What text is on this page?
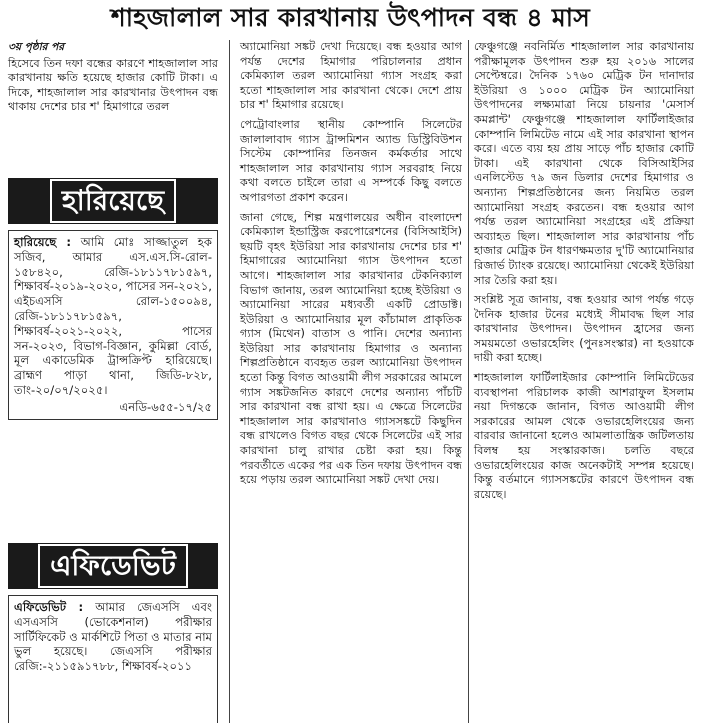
শাহজালাল সার কারখানায় উৎপাদন বন্ধ ৪ মাস
৩য় পৃষ্ঠার পর

হিসেবে তিন দফা বন্ধের কারণে শাহজালাল সার কারখানায় ক্ষতি হয়েছে হাজার কোটি টাকা। এ দিকে, শাহজালাল সার কারখানার উৎপাদন বন্ধ থাকায় দেশের চার শ' হিমাগারে তরল

হারিয়েছে
হারিয়েছে : আমি মোঃ সাজ্জাতুল হক সজিব, আমার এস.এস.সি-রোল- ১৫৮৪২০, রেজি-১৮১১৭৮১৫৯৭, শিক্ষাবর্ষ-২০১৯-২০২০, পাসের সন-২০২১, এইচএসসি রোল-১৫০০৯৪, রেজি-১৮১১৭৮১৫৯৭, শিক্ষাবর্ষ-২০২১-২০২২, পাসের সন-২০২৩, বিভাগ-বিজ্ঞান, কুমিল্লা বোর্ড, মূল একাডেমিক ট্রান্সক্রিপ্ট হারিয়েছে। ব্রাহ্মণ পাড়া থানা, জিডি-৮২৮, তাং-২০/০৭/২০২৫।
এনডি-৬৫৫-১৭/২৫
এফিডেভিট
এফিডেভিট : আমার জেএসসি এবং এসএসসি (ভোকেশনাল) পরীক্ষার সার্টিফিকেট ও মার্কশিটে পিতা ও মাতার নাম ভুল হয়েছে। জেএসসি পরীক্ষার রেজি:-২১১৫৯১৭৮৮, শিক্ষাবর্ষ-২০১১

অ্যামোনিয়া সঙ্কট দেখা দিয়েছে। বন্ধ হওয়ার আগ পর্যন্ত দেশের হিমাগার পরিচালনার প্রধান কেমিক্যাল তরল অ্যামোনিয়া গ্যাস সংগ্রহ করা হতো শাহজালাল সার কারখানা থেকে। দেশে প্রায় চার শ' হিমাগার রয়েছে।

পেট্রোবাংলার স্থানীয় কোম্পানি সিলেটের জালালাবাদ গ্যাস ট্রান্সমিশন অ্যান্ড ডিস্ট্রিবিউশন সিস্টেম কোম্পানির তিনজন কর্মকর্তার সাথে শাহজালাল সার কারখানায় গ্যাস সরবরাহ নিয়ে কথা বলতে চাইলে তারা এ সম্পর্কে কিছু বলতে অপারগতা প্রকাশ করেন।

জানা গেছে, শিল্প মন্ত্রণালয়ের অধীন বাংলাদেশ কেমিক্যাল ইন্ডাস্ট্রিজ করপোরেশনের (বিসিআইসি) ছয়টি বৃহৎ ইউরিয়া সার কারখানায় দেশের চার শ' হিমাগারের অ্যামোনিয়া গ্যাস উৎপাদন হতো আগে। শাহজালাল সার কারখানার টেকনিক্যাল বিভাগ জানায়, তরল অ্যামোনিয়া হচ্ছে ইউরিয়া ও অ্যামোনিয়া সারের মধ্যবর্তী একটি প্রোডাক্ট। ইউরিয়া ও অ্যামোনিয়ার মূল কাঁচামাল প্রাকৃতিক গ্যাস (মিথেন) বাতাস ও পানি। দেশের অন্যান্য ইউরিয়া সার কারখানায় হিমাগার ও অন্যান্য শিল্পপ্রতিষ্ঠানে ব্যবহৃত তরল অ্যামোনিয়া উৎপাদন হতো কিন্তু বিগত আওয়ামী লীগ সরকারের আমলে গ্যাস সঙ্কটজনিত কারণে দেশের অন্যান্য পাঁচটি সার কারখানা বন্ধ রাখা হয়। এ ক্ষেত্রে সিলেটের শাহজালাল সার কারখানাও গ্যাসসঙ্কটে কিছুদিন বন্ধ রাখলেও বিগত বছর থেকে সিলেটের এই সার কারখানা চালু রাখার চেষ্টা করা হয়। কিন্তু পরবর্তীতে একের পর এক তিন দফায় উৎপাদন বন্ধ হয়ে পড়ায় তরল অ্যামোনিয়া সঙ্কট দেখা দেয়।

ফেঞ্চুগঞ্জে নবনির্মিত শাহজালাল সার কারখানায় পরীক্ষামূলক উৎপাদন শুরু হয় ২০১৬ সালের সেপ্টেম্বরে। দৈনিক ১৭৬০ মেট্রিক টন দানাদার ইউরিয়া ও ১০০০ মেট্রিক টন অ্যামোনিয়া উৎপাদনের লক্ষ্যমাত্রা নিয়ে চায়নার 'মেসার্স কমপ্লান্ট' ফেঞ্চুগঞ্জে শাহজালাল ফার্টিলাইজার কোম্পানি লিমিটেড নামে এই সার কারখানা স্থাপন করে। এতে ব্যয় হয় প্রায় সাড়ে পাঁচ হাজার কোটি টাকা। এই কারখানা থেকে বিসিআইসির এনলিস্টেড ৭৯ জন ডিলার দেশের হিমাগার ও অন্যান্য শিল্পপ্রতিষ্ঠানের জন্য নিয়মিত তরল অ্যামোনিয়া সংগ্রহ করতেন। বন্ধ হওয়ার আগ পর্যন্ত তরল অ্যামোনিয়া সংগ্রহের এই প্রক্রিয়া অব্যাহত ছিল। শাহজালাল সার কারখানায় পাঁচ হাজার মেট্রিক টন ধারণক্ষমতার দু'টি অ্যামোনিয়ার রিজার্ভ ট্যাংক রয়েছে। অ্যামোনিয়া থেকেই ইউরিয়া সার তৈরি করা হয়।

সংশ্লিষ্ট সূত্র জানায়, বন্ধ হওয়ার আগ পর্যন্ত গড়ে দৈনিক হাজার টনের মধ্যেই সীমাবদ্ধ ছিল সার কারখানার উৎপাদন। উৎপাদন হ্রাসের জন্য সময়মতো ওভারহেলিং (পুনঃসংস্কার) না হওয়াকে দায়ী করা হচ্ছে।

শাহজালাল ফার্টিলাইজার কোম্পানি লিমিটেডের ব্যবস্থাপনা পরিচালক কাজী আশরাফুল ইসলাম নয়া দিগন্তকে জানান, বিগত আওয়ামী লীগ সরকারের আমল থেকে ওভারহেলিংয়ের জন্য বারবার জানানো হলেও আমলাতান্ত্রিক জটিলতায় বিলম্ব হয় সংস্কারকাজ। চলতি বছরে ওভারহেলিংয়ের কাজ অনেকটাই সম্পন্ন হয়েছে। কিন্তু বর্তমানে গ্যাসসঙ্কটের কারণে উৎপাদন বন্ধ রয়েছে।
